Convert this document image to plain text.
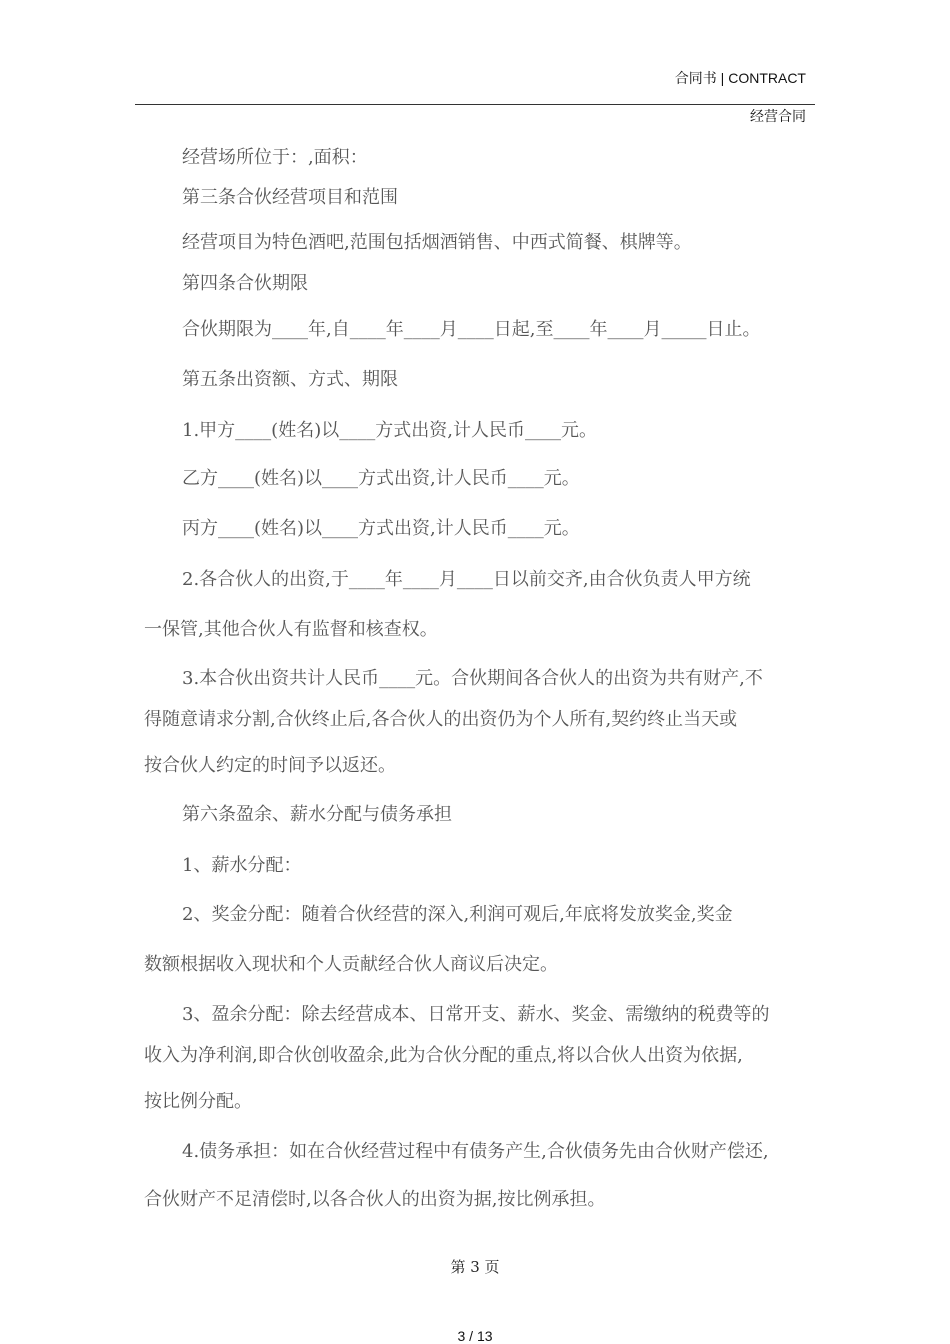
合同书 | CONTRACT
经营合同
经营场所位于：,面积：
第三条合伙经营项目和范围
经营项目为特色酒吧,范围包括烟酒销售、中西式简餐、棋牌等。
第四条合伙期限
合伙期限为____年,自____年____月____日起,至____年____月_____日止。
第五条出资额、方式、期限
1.甲方____(姓名)以____方式出资,计人民币____元。
乙方____(姓名)以____方式出资,计人民币____元。
丙方____(姓名)以____方式出资,计人民币____元。
2.各合伙人的出资,于____年____月____日以前交齐,由合伙负责人甲方统
一保管,其他合伙人有监督和核查权。
3.本合伙出资共计人民币____元。合伙期间各合伙人的出资为共有财产,不
得随意请求分割,合伙终止后,各合伙人的出资仍为个人所有,契约终止当天或
按合伙人约定的时间予以返还。
第六条盈余、薪水分配与债务承担
1、薪水分配：
2、奖金分配：随着合伙经营的深入,利润可观后,年底将发放奖金,奖金
数额根据收入现状和个人贡献经合伙人商议后决定。
3、盈余分配：除去经营成本、日常开支、薪水、奖金、需缴纳的税费等的
收入为净利润,即合伙创收盈余,此为合伙分配的重点,将以合伙人出资为依据,
按比例分配。
4.债务承担：如在合伙经营过程中有债务产生,合伙债务先由合伙财产偿还,
合伙财产不足清偿时,以各合伙人的出资为据,按比例承担。
第 3 页
3 / 13
